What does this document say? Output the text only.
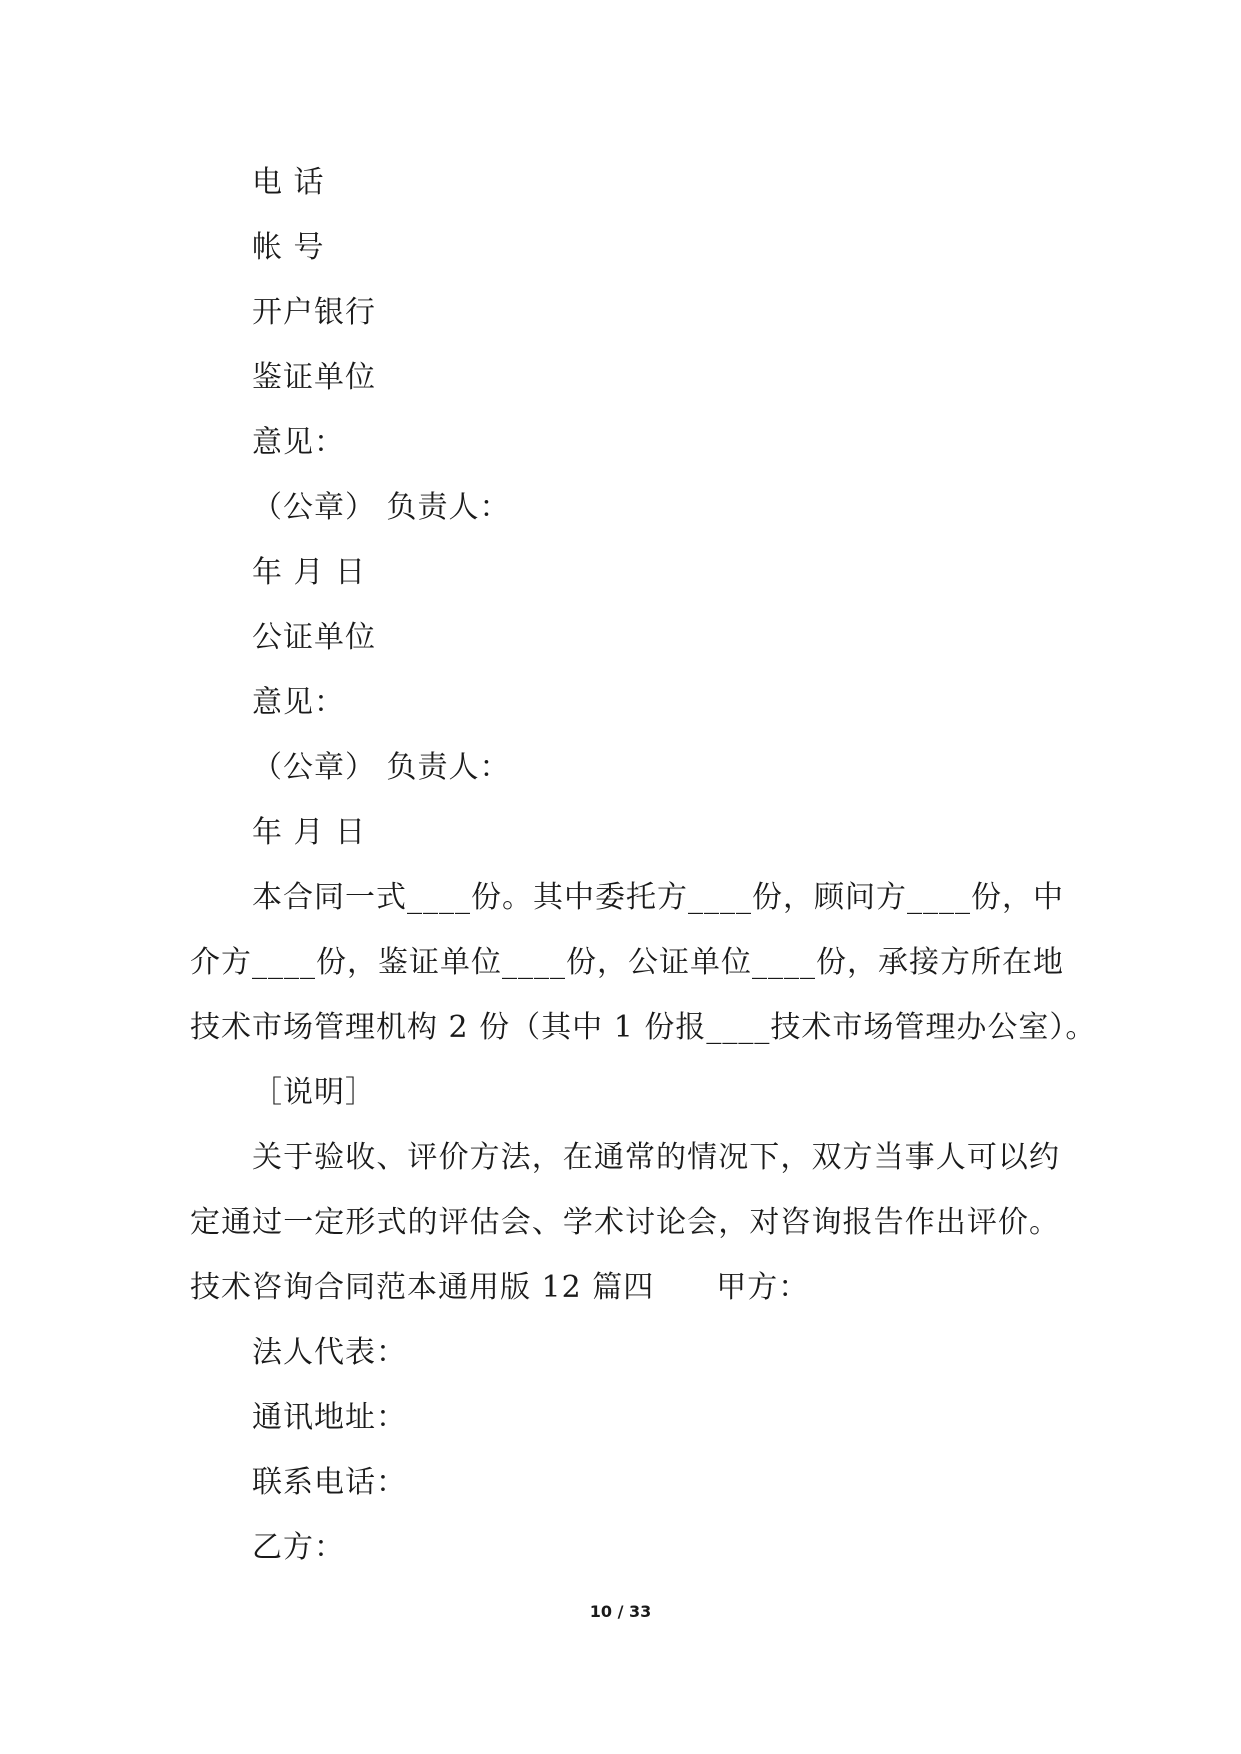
电 话
帐 号
开户银行
鉴证单位
意见：
（公章） 负责人：
年 月 日
公证单位
意见：
（公章） 负责人：
年 月 日
本合同一式____份。其中委托方____份，顾问方____份，中
介方____份，鉴证单位____份，公证单位____份，承接方所在地
技术市场管理机构 2 份（其中 1 份报____技术市场管理办公室）。
［说明］
关于验收、评价方法，在通常的情况下，双方当事人可以约
定通过一定形式的评估会、学术讨论会，对咨询报告作出评价。
技术咨询合同范本通用版 12 篇四　　甲方：
法人代表：
通讯地址：
联系电话：
乙方：
10 / 33
